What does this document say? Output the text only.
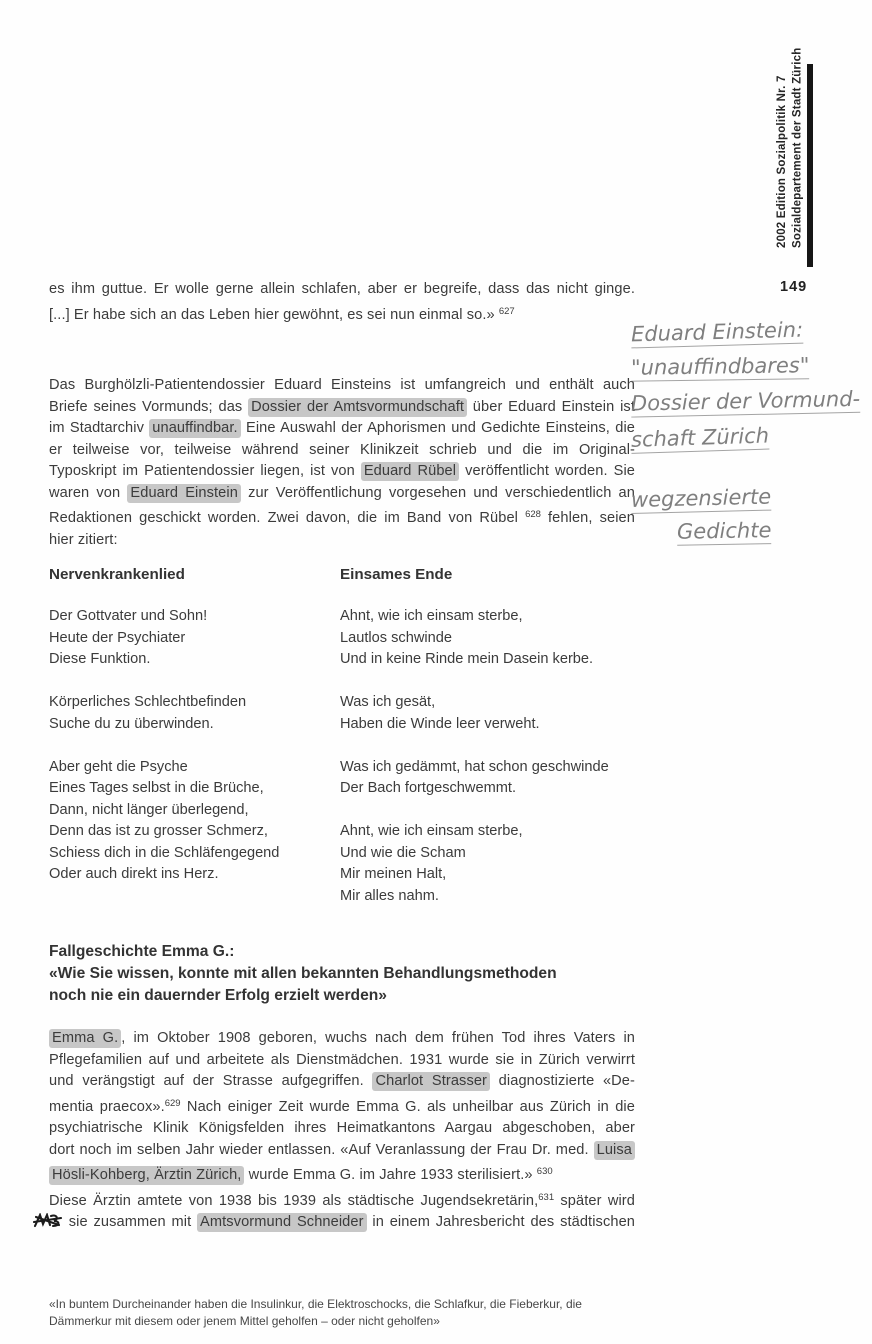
2002 Edition Sozialpolitik Nr. 7 Sozialdepartement der Stadt Zürich
149
es ihm guttue. Er wolle gerne allein schlafen, aber er begreife, dass das nicht ginge.
[...] Er habe sich an das Leben hier gewöhnt, es sei nun einmal so.» $^{627}$
Das Burghölzli-Patientendossier Eduard Einsteins ist umfangreich und enthält auch
Briefe seines Vormunds; das Dossier der Amtsvormundschaft über Eduard Einstein ist
im Stadtarchiv unauffindbar. Eine Auswahl der Aphorismen und Gedichte Einsteins, die
er teilweise vor, teilweise während seiner Klinikzeit schrieb und die im Original-
Typoskript im Patientendossier liegen, ist von Eduard Rübel veröffentlicht worden. Sie
waren von Eduard Einstein zur Veröffentlichung vorgesehen und verschiedentlich an
Redaktionen geschickt worden. Zwei davon, die im Band von Rübel $^{628}$ fehlen, seien
hier zitiert:
Nervenkrankenlied
Der Gottvater und Sohn!
Heute der Psychiater
Diese Funktion.

Körperliches Schlechtbefinden
Suche du zu überwinden.

Aber geht die Psyche
Eines Tages selbst in die Brüche,
Dann, nicht länger überlegend,
Denn das ist zu grosser Schmerz,
Schiess dich in die Schläfengegend
Oder auch direkt ins Herz.
Einsames Ende
Ahnt, wie ich einsam sterbe,
Lautlos schwinde
Und in keine Rinde mein Dasein kerbe.

Was ich gesät,
Haben die Winde leer verweht.

Was ich gedämmt, hat schon geschwinde
Der Bach fortgeschwemmt.

Ahnt, wie ich einsam sterbe,
Und wie die Scham
Mir meinen Halt,
Mir alles nahm.
Fallgeschichte Emma G.:
«Wie Sie wissen, konnte mit allen bekannten Behandlungsmethoden
noch nie ein dauernder Erfolg erzielt werden»
Emma G. , im Oktober 1908 geboren, wuchs nach dem frühen Tod ihres Vaters in
Pflegefamilien auf und arbeitete als Dienstmädchen. 1931 wurde sie in Zürich verwirrt
und verängstigt auf der Strasse aufgegriffen. Charlot Strasser diagnostizierte «De-
mentia praecox».$^{629}$ Nach einiger Zeit wurde Emma G. als unheilbar aus Zürich in die
psychiatrische Klinik Königsfelden ihres Heimatkantons Aargau abgeschoben, aber
dort noch im selben Jahr wieder entlassen. «Auf Veranlassung der Frau Dr. med. Luisa
Hösli-Kohberg, Ärztin Zürich, wurde Emma G. im Jahre 1933 sterilisiert.» $^{630}$
Diese Ärztin amtete von 1938 bis 1939 als städtische Jugendsekretärin,$^{631}$ später wird
sie zusammen mit Amtsvormund Schneider in einem Jahresbericht des städtischen
«In buntem Durcheinander haben die Insulinkur, die Elektroschocks, die Schlafkur, die Fieberkur, die
Dämmerkur mit diesem oder jenem Mittel geholfen – oder nicht geholfen»
Eduard Einstein:
"unauffindbares"
Dossier der Vormund-
schaft Zürich
wegzensierte
Gedichte
